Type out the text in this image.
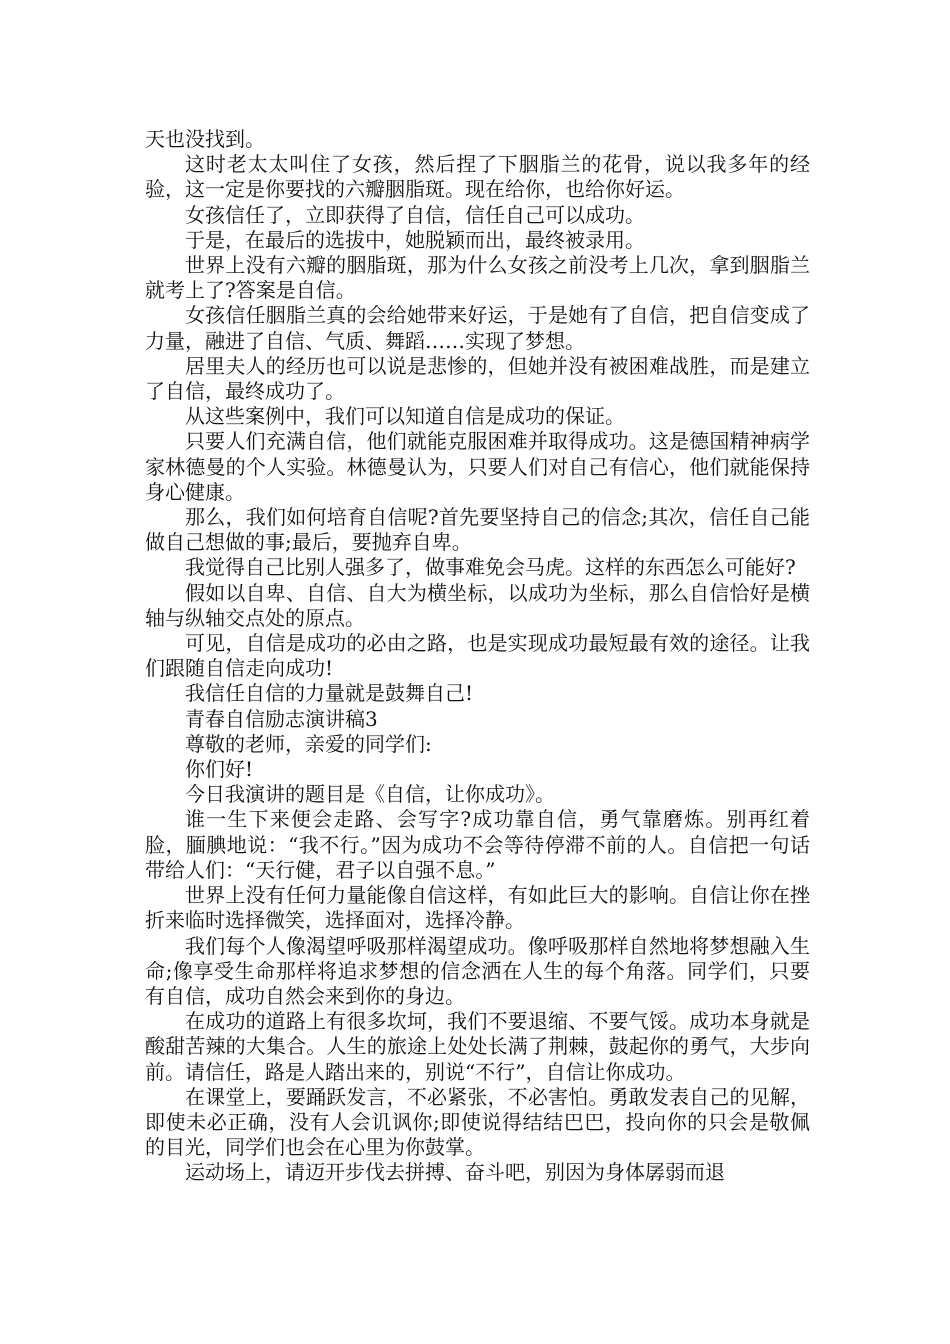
天也没找到。

这时老太太叫住了女孩，然后捏了下胭脂兰的花骨，说以我多年的经验，这一定是你要找的六瓣胭脂斑。现在给你，也给你好运。

女孩信任了，立即获得了自信，信任自己可以成功。

于是，在最后的选拔中，她脱颖而出，最终被录用。

世界上没有六瓣的胭脂斑，那为什么女孩之前没考上几次，拿到胭脂兰就考上了?答案是自信。

女孩信任胭脂兰真的会给她带来好运，于是她有了自信，把自信变成了力量，融进了自信、气质、舞蹈……实现了梦想。

居里夫人的经历也可以说是悲惨的，但她并没有被困难战胜，而是建立了自信，最终成功了。

从这些案例中，我们可以知道自信是成功的保证。

只要人们充满自信，他们就能克服困难并取得成功。这是德国精神病学家林德曼的个人实验。林德曼认为，只要人们对自己有信心，他们就能保持身心健康。

那么，我们如何培育自信呢?首先要坚持自己的信念;其次，信任自己能做自己想做的事;最后，要抛弃自卑。

我觉得自己比别人强多了，做事难免会马虎。这样的东西怎么可能好?

假如以自卑、自信、自大为横坐标，以成功为坐标，那么自信恰好是横轴与纵轴交点处的原点。

可见，自信是成功的必由之路，也是实现成功最短最有效的途径。让我们跟随自信走向成功!

我信任自信的力量就是鼓舞自己!

青春自信励志演讲稿3

尊敬的老师，亲爱的同学们:

你们好!

今日我演讲的题目是《自信，让你成功》。

谁一生下来便会走路、会写字?成功靠自信，勇气靠磨炼。别再红着脸，腼腆地说：“我不行。”因为成功不会等待停滞不前的人。自信把一句话带给人们：“天行健，君子以自强不息。”

世界上没有任何力量能像自信这样，有如此巨大的影响。自信让你在挫折来临时选择微笑，选择面对，选择冷静。

我们每个人像渴望呼吸那样渴望成功。像呼吸那样自然地将梦想融入生命;像享受生命那样将追求梦想的信念洒在人生的每个角落。同学们，只要有自信，成功自然会来到你的身边。

在成功的道路上有很多坎坷，我们不要退缩、不要气馁。成功本身就是酸甜苦辣的大集合。人生的旅途上处处长满了荆棘，鼓起你的勇气，大步向前。请信任，路是人踏出来的，别说“不行”，自信让你成功。

在课堂上，要踊跃发言，不必紧张，不必害怕。勇敢发表自己的见解，即使未必正确，没有人会讥讽你;即使说得结结巴巴，投向你的只会是敬佩的目光，同学们也会在心里为你鼓掌。

运动场上，请迈开步伐去拼搏、奋斗吧，别因为身体孱弱而退
